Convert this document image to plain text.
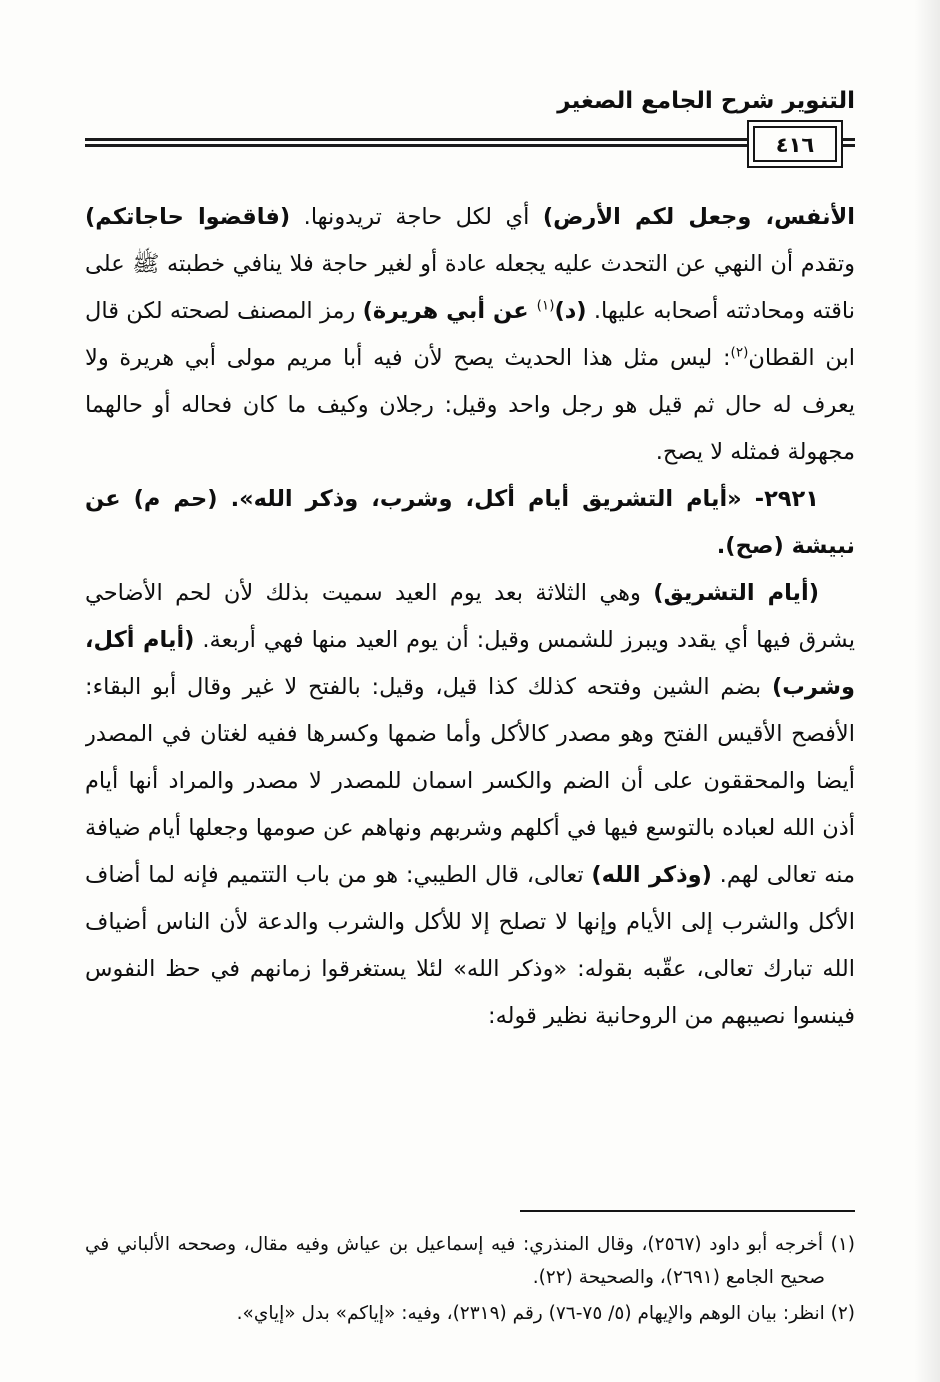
التنوير شرح الجامع الصغير
٤١٦

الأنفس، وجعل لكم الأرض) أي لكل حاجة تريدونها. (فاقضوا حاجاتكم) وتقدم أن النهي عن التحدث عليه يجعله عادة أو لغير حاجة فلا ينافي خطبته ﷺ على ناقته ومحادثته أصحابه عليها. (د)$^{(١)}$ عن أبي هريرة) رمز المصنف لصحته لكن قال ابن القطان$^{(٢)}$: ليس مثل هذا الحديث يصح لأن فيه أبا مريم مولى أبي هريرة ولا يعرف له حال ثم قيل هو رجل واحد وقيل: رجلان وكيف ما كان فحاله أو حالهما مجهولة فمثله لا يصح.

٢٩٢١- «أيام التشريق أيام أكل، وشرب، وذكر الله». (حم م) عن نبيشة (صح).

(أيام التشريق) وهي الثلاثة بعد يوم العيد سميت بذلك لأن لحم الأضاحي يشرق فيها أي يقدد ويبرز للشمس وقيل: أن يوم العيد منها فهي أربعة. (أيام أكل، وشرب) بضم الشين وفتحه كذلك كذا قيل، وقيل: بالفتح لا غير وقال أبو البقاء: الأفصح الأقيس الفتح وهو مصدر كالأكل وأما ضمها وكسرها ففيه لغتان في المصدر أيضا والمحققون على أن الضم والكسر اسمان للمصدر لا مصدر والمراد أنها أيام أذن الله لعباده بالتوسع فيها في أكلهم وشربهم ونهاهم عن صومها وجعلها أيام ضيافة منه تعالى لهم. (وذكر الله) تعالى، قال الطيبي: هو من باب التتميم فإنه لما أضاف الأكل والشرب إلى الأيام وإنها لا تصلح إلا للأكل والشرب والدعة لأن الناس أضياف الله تبارك تعالى، عقّبه بقوله: «وذكر الله» لئلا يستغرقوا زمانهم في حظ النفوس فينسوا نصيبهم من الروحانية نظير قوله:

(١) أخرجه أبو داود (٢٥٦٧)، وقال المنذري: فيه إسماعيل بن عياش وفيه مقال، وصححه الألباني في صحيح الجامع (٢٦٩١)، والصحيحة (٢٢).

(٢) انظر: بيان الوهم والإيهام (٥/ ٧٥-٧٦) رقم (٢٣١٩)، وفيه: «إياكم» بدل «إياي».
